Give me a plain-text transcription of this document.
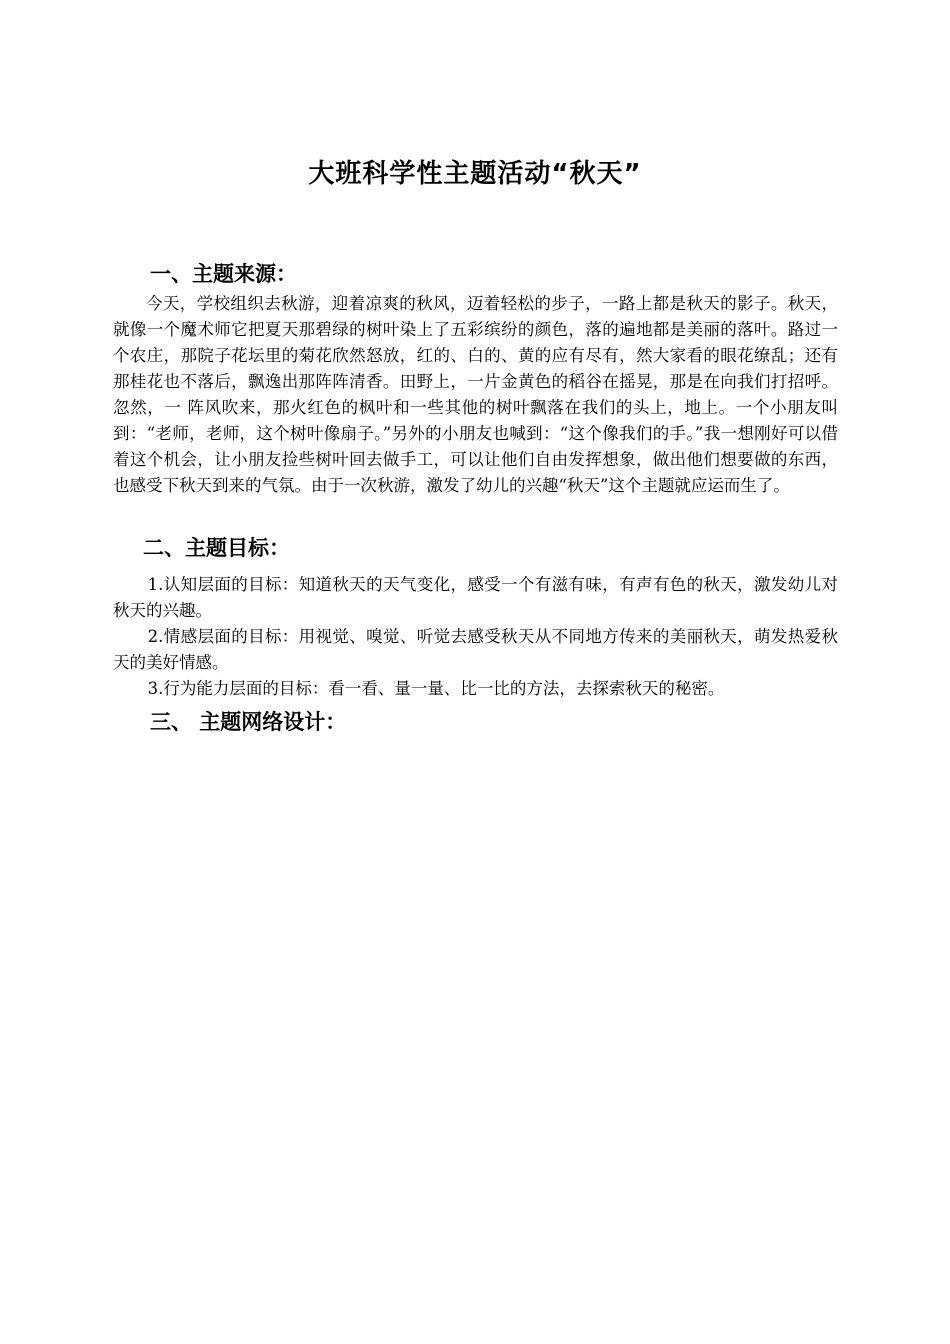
大班科学性主题活动“秋天”
一、主题来源：

今天，学校组织去秋游，迎着凉爽的秋风，迈着轻松的步子，一路上都是秋天的影子。秋天，就像一个魔术师它把夏天那碧绿的树叶染上了五彩缤纷的颜色，落的遍地都是美丽的落叶。路过一个农庄，那院子花坛里的菊花欣然怒放，红的、白的、黄的应有尽有，然大家看的眼花缭乱；还有那桂花也不落后，飘逸出那阵阵清香。田野上，一片金黄色的稻谷在摇晃，那是在向我们打招呼。忽然，一 阵风吹来，那火红色的枫叶和一些其他的树叶飘落在我们的头上，地上。一个小朋友叫到：“老师，老师，这个树叶像扇子。”另外的小朋友也喊到：“这个像我们的手。”我一想刚好可以借着这个机会，让小朋友捡些树叶回去做手工，可以让他们自由发挥想象，做出他们想要做的东西，也感受下秋天到来的气氛。由于一次秋游，激发了幼儿的兴趣“秋天”这个主题就应运而生了。

二、主题目标：

1.认知层面的目标：知道秋天的天气变化，感受一个有滋有味，有声有色的秋天，激发幼儿对秋天的兴趣。

2.情感层面的目标：用视觉、嗅觉、听觉去感受秋天从不同地方传来的美丽秋天，萌发热爱秋天的美好情感。

3.行为能力层面的目标：看一看、量一量、比一比的方法，去探索秋天的秘密。

三、 主题网络设计：
